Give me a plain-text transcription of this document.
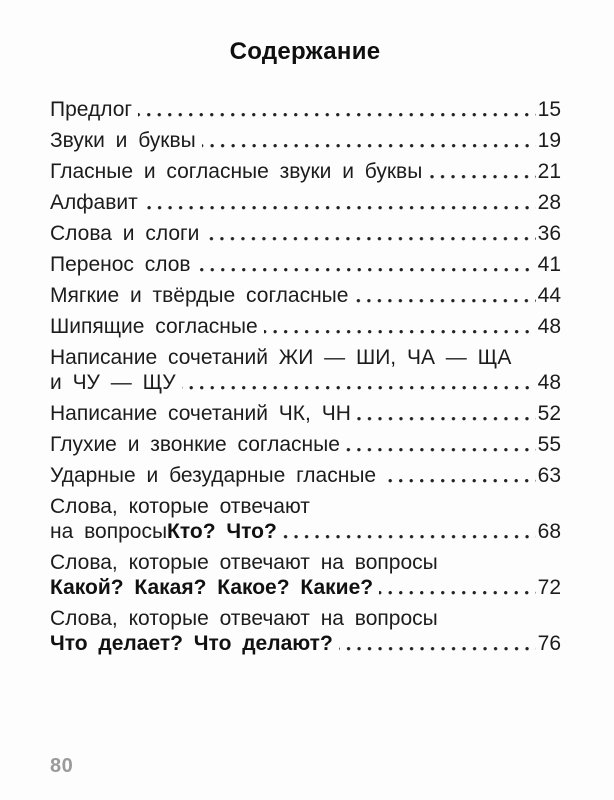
Содержание
Предлог	15
Звуки и буквы	19
Гласные и согласные звуки и буквы	21
Алфавит	28
Слова и слоги	36
Перенос слов	41
Мягкие и твёрдые согласные	44
Шипящие согласные	48
Написание сочетаний ЖИ — ШИ, ЧА — ЩА
и ЧУ — ЩУ	48
Написание сочетаний ЧК, ЧН	52
Глухие и звонкие согласные	55
Ударные и безударные гласные	63
Слова, которые отвечают
на вопросы Кто? Что?	68
Слова, которые отвечают на вопросы
Какой? Какая? Какое? Какие?	72
Слова, которые отвечают на вопросы
Что делает? Что делают?	76
80
